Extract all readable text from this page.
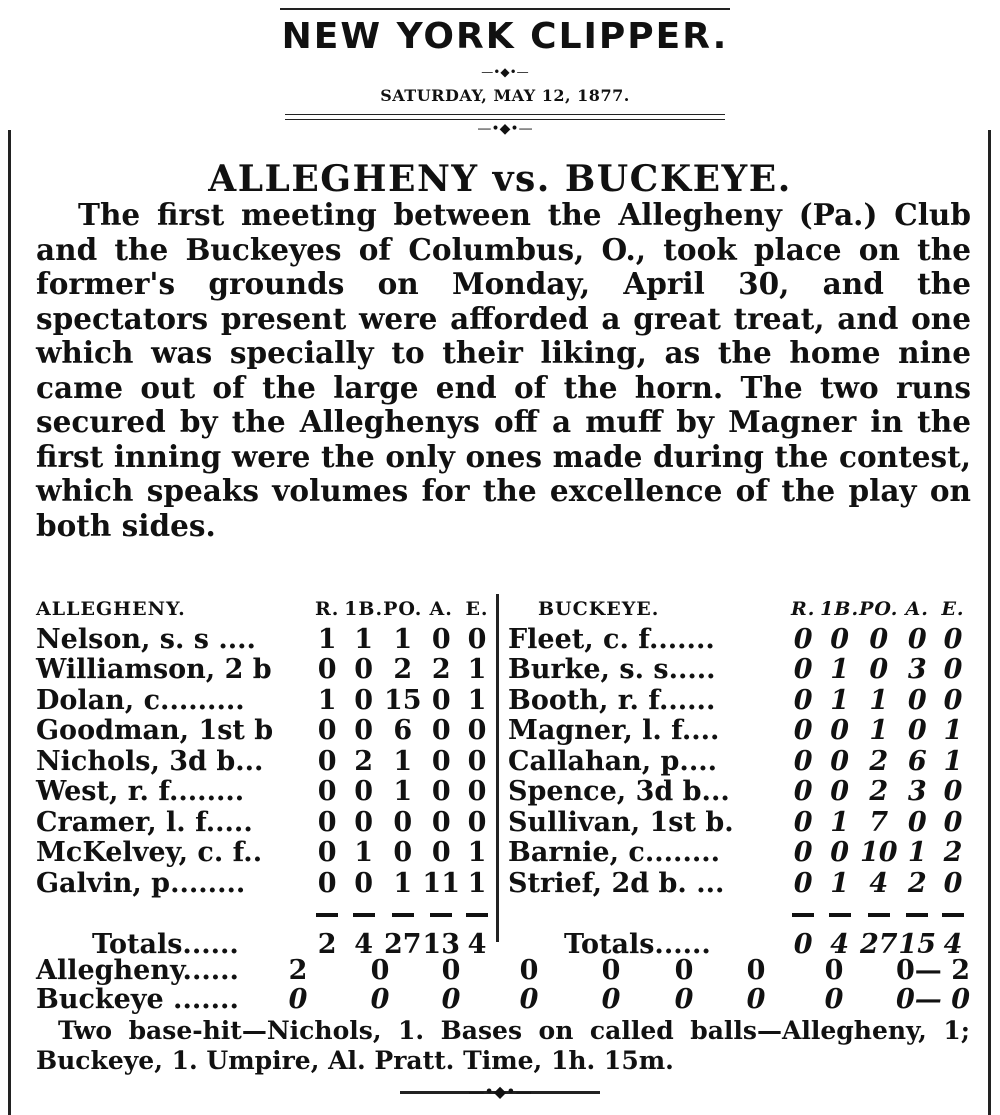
NEW YORK CLIPPER.
—•◆•—
SATURDAY, MAY 12, 1877.
—•◆•—
ALLEGHENY vs. BUCKEYE.
The first meeting between the Allegheny (Pa.) Club and the Buckeyes of Columbus, O., took place on the former's grounds on Monday, April 30, and the spectators present were afforded a great treat, and one which was specially to their liking, as the home nine came out of the large end of the horn. The two runs secured by the Alleghenys off a muff by Magner in the first inning were the only ones made during the contest, which speaks volumes for the excellence of the play on both sides.
ALLEGHENY.	R.	1B.	PO.	A.	E.
Nelson, s. s ....	1	1	1	0	0
Williamson, 2 b	0	0	2	2	1
Dolan, c.........	1	0	15	0	1
Goodman, 1st b	0	0	6	0	0
Nichols, 3d b...	0	2	1	0	0
West, r. f........	0	0	1	0	0
Cramer, l. f.....	0	0	0	0	0
McKelvey, c. f..	0	1	0	0	1
Galvin, p........	0	0	1	11	1

Totals......	2	4	27	13	4
BUCKEYE.	R.	1B.	PO.	A.	E.
Fleet, c. f.......	0	0	0	0	0
Burke, s. s.....	0	1	0	3	0
Booth, r. f......	0	1	1	0	0
Magner, l. f....	0	0	1	0	1
Callahan, p....	0	0	2	6	1
Spence, 3d b...	0	0	2	3	0
Sullivan, 1st b.	0	1	7	0	0
Barnie, c........	0	0	10	1	2
Strief, 2d b. ...	0	1	4	2	0

Totals......	0	4	27	15	4
Allegheny......	2	0	0	0	0	0	0	0	0— 2
Buckeye .......	0	0	0	0	0	0	0	0	0— 0
Two base-hit—Nichols, 1. Bases on called balls—Allegheny, 1; Buckeye, 1. Umpire, Al. Pratt. Time, 1h. 15m.
—•◆•—
